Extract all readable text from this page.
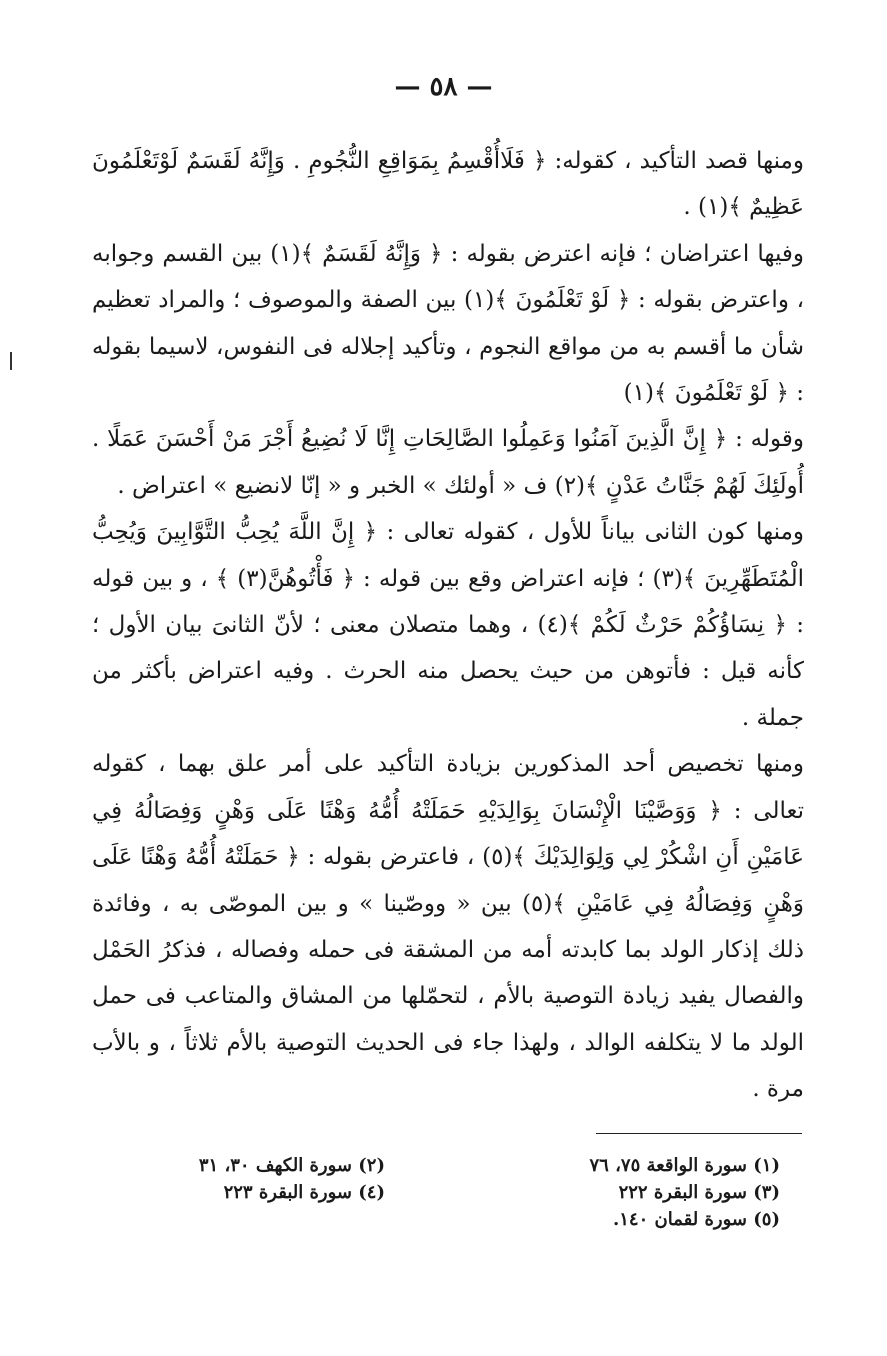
— ٥٨ —

ومنها قصد التأكيد ، كقوله: ﴿ فَلَاأُقْسِمُ بِمَوَاقِعِ النُّجُومِ . وَإِنَّهُ لَقَسَمٌ لَوْتَعْلَمُونَ عَظِيمٌ ﴾(١) .

وفيها اعتراضان ؛ فإنه اعترض بقوله : ﴿ وَإِنَّهُ لَقَسَمٌ ﴾(١) بين القسم وجوابه ، واعترض بقوله : ﴿ لَوْ تَعْلَمُونَ ﴾(١) بين الصفة والموصوف ؛ والمراد تعظيم شأن ما أقسم به من مواقع النجوم ، وتأكيد إجلاله فى النفوس، لاسيما بقوله : ﴿ لَوْ تَعْلَمُونَ ﴾(١)

وقوله : ﴿ إِنَّ الَّذِينَ آمَنُوا وَعَمِلُوا الصَّالِحَاتِ إِنَّا لَا نُضِيعُ أَجْرَ مَنْ أَحْسَنَ عَمَلًا . أُولَئِكَ لَهُمْ جَنَّاتُ عَدْنٍ ﴾(٢) ف « أولئك » الخبر و « إنّا لانضيع » اعتراض .

ومنها كون الثانى بياناً للأول ، كقوله تعالى : ﴿ إِنَّ اللَّهَ يُحِبُّ التَّوَّابِينَ وَيُحِبُّ الْمُتَطَهِّرِينَ ﴾(٣) ؛ فإنه اعتراض وقع بين قوله : ﴿ فَأْتُوهُنَّ(٣) ﴾ ، و بين قوله : ﴿ نِسَاؤُكُمْ حَرْثٌ لَكُمْ ﴾(٤) ، وهما متصلان معنى ؛ لأنّ الثانىَ بيان الأول ؛ كأنه قيل : فأتوهن من حيث يحصل منه الحرث . وفيه اعتراض بأكثر من جملة .

ومنها تخصيص أحد المذكورين بزيادة التأكيد على أمر علق بهما ، كقوله تعالى : ﴿ وَوَصَّيْنَا الْإِنْسَانَ بِوَالِدَيْهِ حَمَلَتْهُ أُمُّهُ وَهْنًا عَلَى وَهْنٍ وَفِصَالُهُ فِي عَامَيْنِ أَنِ اشْكُرْ لِي وَلِوَالِدَيْكَ ﴾(٥) ، فاعترض بقوله : ﴿ حَمَلَتْهُ أُمُّهُ وَهْنًا عَلَى وَهْنٍ وَفِصَالُهُ فِي عَامَيْنِ ﴾(٥) بين « ووصّينا » و بين الموصّى به ، وفائدة ذلك إذكار الولد بما كابدته أمه من المشقة فى حمله وفصاله ، فذكرُ الحَمْل والفصال يفيد زيادة التوصية بالأم ، لتحمّلها من المشاق والمتاعب فى حمل الولد ما لا يتكلفه الوالد ، ولهذا جاء فى الحديث التوصية بالأم ثلاثاً ، و بالأب مرة .

(١) سورة الواقعة ٧٥، ٧٦
(٣) سورة البقرة ٢٢٢
(٥) سورة لقمان ١٤٠.
(٢) سورة الكهف ٣٠، ٣١
(٤) سورة البقرة ٢٢٣
